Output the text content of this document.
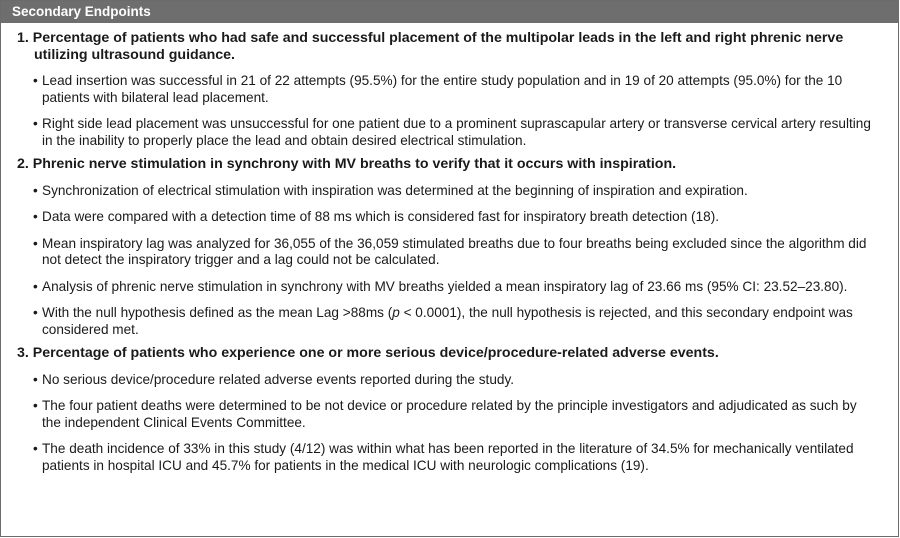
Secondary Endpoints
1. Percentage of patients who had safe and successful placement of the multipolar leads in the left and right phrenic nerve utilizing ultrasound guidance.
• Lead insertion was successful in 21 of 22 attempts (95.5%) for the entire study population and in 19 of 20 attempts (95.0%) for the 10 patients with bilateral lead placement.
• Right side lead placement was unsuccessful for one patient due to a prominent suprascapular artery or transverse cervical artery resulting in the inability to properly place the lead and obtain desired electrical stimulation.
2. Phrenic nerve stimulation in synchrony with MV breaths to verify that it occurs with inspiration.
• Synchronization of electrical stimulation with inspiration was determined at the beginning of inspiration and expiration.
• Data were compared with a detection time of 88 ms which is considered fast for inspiratory breath detection (18).
• Mean inspiratory lag was analyzed for 36,055 of the 36,059 stimulated breaths due to four breaths being excluded since the algorithm did not detect the inspiratory trigger and a lag could not be calculated.
• Analysis of phrenic nerve stimulation in synchrony with MV breaths yielded a mean inspiratory lag of 23.66 ms (95% CI: 23.52–23.80).
• With the null hypothesis defined as the mean Lag >88ms (p < 0.0001), the null hypothesis is rejected, and this secondary endpoint was considered met.
3. Percentage of patients who experience one or more serious device/procedure-related adverse events.
• No serious device/procedure related adverse events reported during the study.
• The four patient deaths were determined to be not device or procedure related by the principle investigators and adjudicated as such by the independent Clinical Events Committee.
• The death incidence of 33% in this study (4/12) was within what has been reported in the literature of 34.5% for mechanically ventilated patients in hospital ICU and 45.7% for patients in the medical ICU with neurologic complications (19).
